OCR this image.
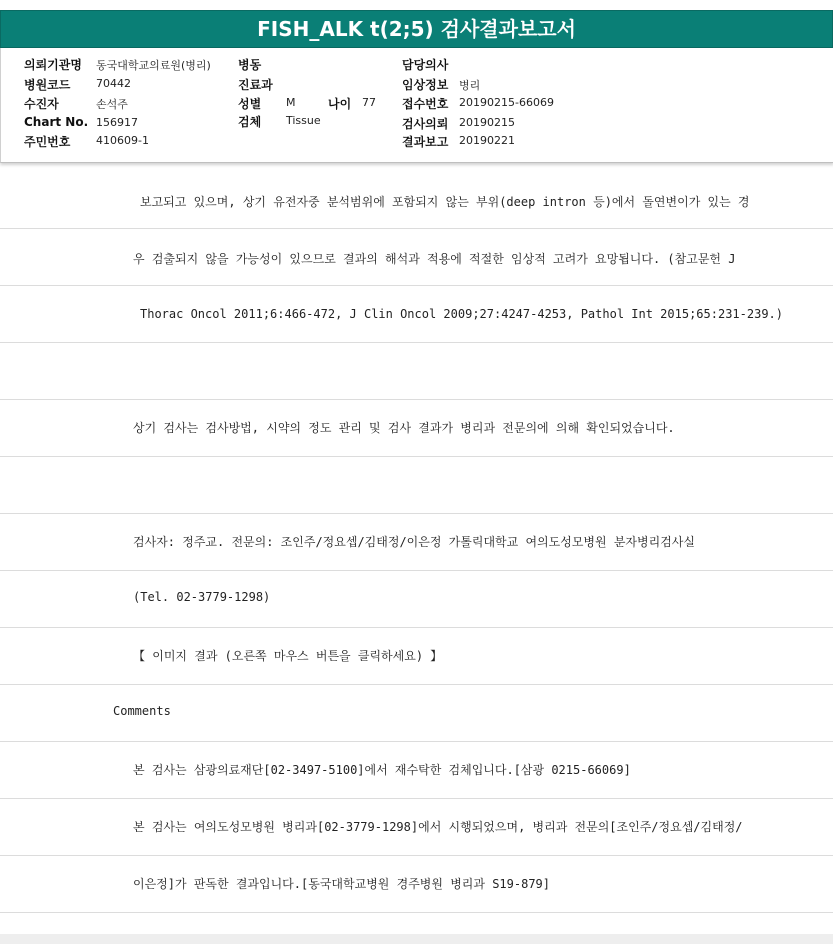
FISH_ALK t(2;5) 검사결과보고서
의뢰기관명 동국대학교의료원(병리)
병원코드 70442
수진자	손석주
Chart No. 156917
주민번호 410609-1
병동
진료과
성별 M	나이 77
검체 Tissue
담당의사
임상정보 병리
접수번호 20190215-66069
검사의뢰 20190215
결과보고 20190221
보고되고 있으며, 상기 유전자중 분석범위에 포함되지 않는 부위(deep intron 등)에서 돌연변이가 있는 경
우 검출되지 않을 가능성이 있으므로 결과의 해석과 적용에 적절한 임상적 고려가 요망됩니다. (참고문헌 J
Thorac Oncol 2011;6:466-472, J Clin Oncol 2009;27:4247-4253, Pathol Int 2015;65:231-239.)
상기 검사는 검사방법, 시약의 정도 관리 및 검사 결과가 병리과 전문의에 의해 확인되었습니다.
검사자: 정주교. 전문의: 조인주/정요셉/김태정/이은정 가톨릭대학교 여의도성모병원 분자병리검사실
(Tel. 02-3779-1298)
【 이미지 결과 (오른쪽 마우스 버튼을 클릭하세요) 】
Comments
본 검사는 삼광의료재단[02-3497-5100]에서 재수탁한 검체입니다.[삼광 0215-66069]
본 검사는 여의도성모병원 병리과[02-3779-1298]에서 시행되었으며, 병리과 전문의[조인주/정요셉/김태정/
이은정]가 판독한 결과입니다.[동국대학교병원 경주병원 병리과 S19-879]
